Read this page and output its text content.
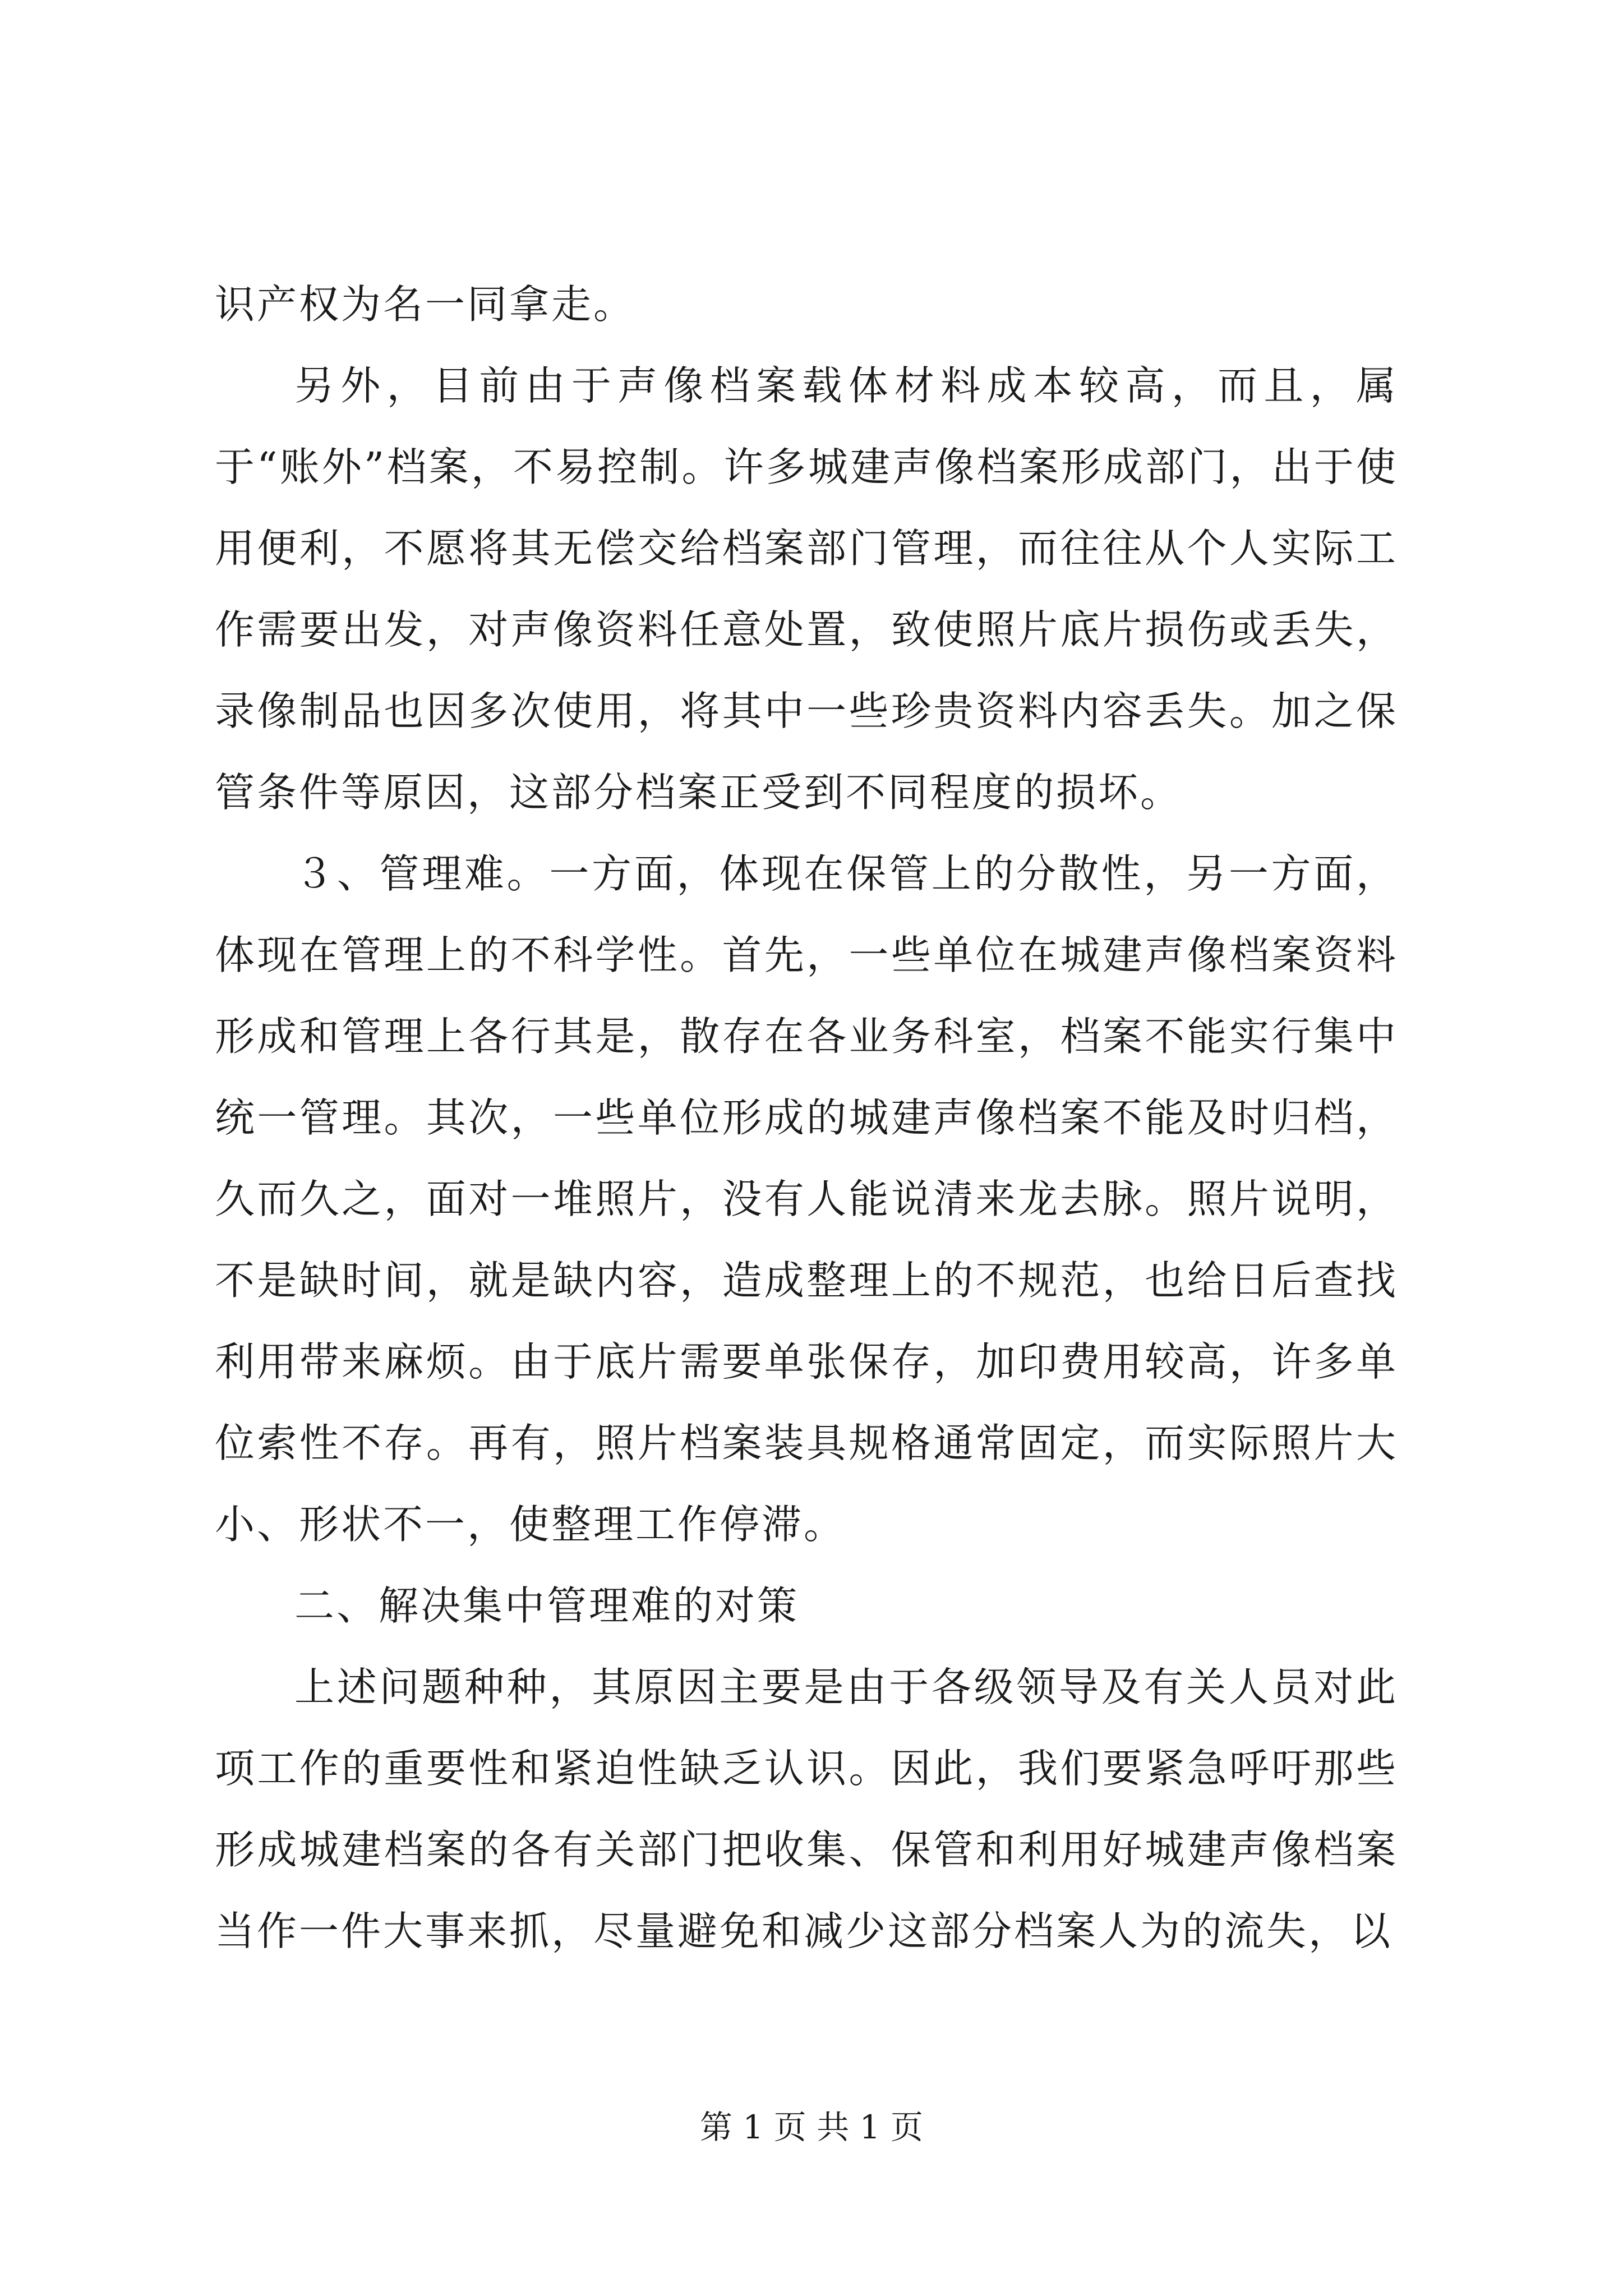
识产权为名一同拿走。

另外，目前由于声像档案载体材料成本较高，而且，属于“账外”档案，不易控制。许多城建声像档案形成部门，出于使用便利，不愿将其无偿交给档案部门管理，而往往从个人实际工作需要出发，对声像资料任意处置，致使照片底片损伤或丢失，录像制品也因多次使用，将其中一些珍贵资料内容丢失。加之保管条件等原因，这部分档案正受到不同程度的损坏。

３、管理难。一方面，体现在保管上的分散性，另一方面，体现在管理上的不科学性。首先，一些单位在城建声像档案资料形成和管理上各行其是，散存在各业务科室，档案不能实行集中统一管理。其次，一些单位形成的城建声像档案不能及时归档，久而久之，面对一堆照片，没有人能说清来龙去脉。照片说明，不是缺时间，就是缺内容，造成整理上的不规范，也给日后查找利用带来麻烦。由于底片需要单张保存，加印费用较高，许多单位索性不存。再有，照片档案装具规格通常固定，而实际照片大小、形状不一，使整理工作停滞。

二、解决集中管理难的对策

上述问题种种，其原因主要是由于各级领导及有关人员对此项工作的重要性和紧迫性缺乏认识。因此，我们要紧急呼吁那些形成城建档案的各有关部门把收集、保管和利用好城建声像档案当作一件大事来抓，尽量避免和减少这部分档案人为的流失，以

第 1 页 共 1 页
